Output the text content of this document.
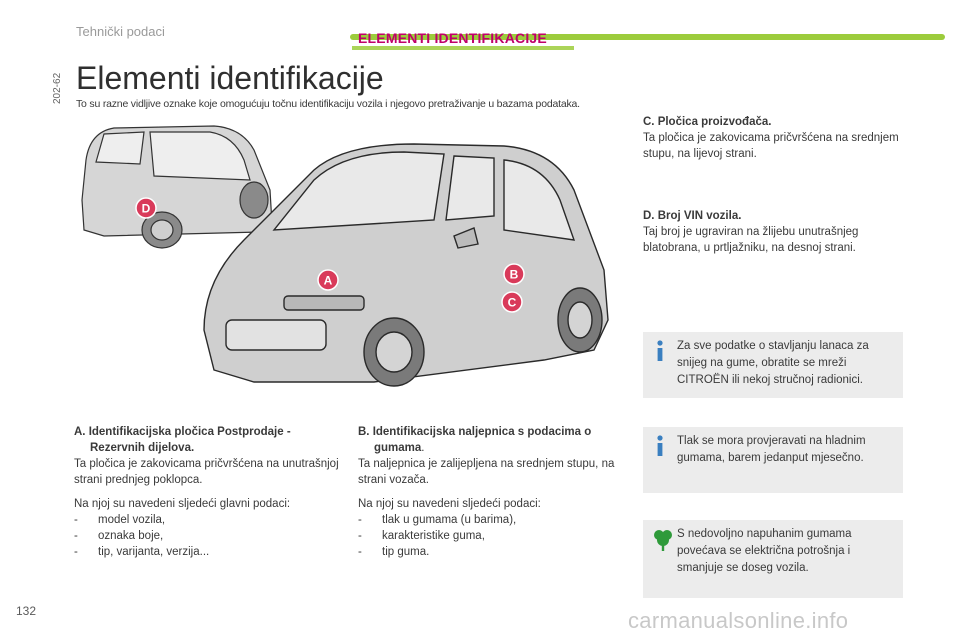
Tehnički podaci	ELEMENTI IDENTIFIKACIJE
202-62 Elementi identifikacije
To su razne vidljive oznake koje omogućuju točnu identifikaciju vozila i njegovo pretraživanje u bazama podataka.
A	B
C
D
A. Identifikacijska pločica Postprodaje -
Rezervnih dijelova.

Ta pločica je zakovicama pričvršćena na unutrašnjoj strani prednjeg poklopca.

Na njoj su navedeni sljedeći glavni podaci:
- model vozila,
- oznaka boje,
- tip, varijanta, verzija...
B. Identifikacijska naljepnica s podacima o
gumama.

Ta naljepnica je zalijepljena na srednjem stupu, na strani vozača.

Na njoj su navedeni sljedeći podaci:
- tlak u gumama (u barima),
- karakteristike guma,
- tip guma.
C. Pločica proizvođača.
Ta pločica je zakovicama pričvršćena na srednjem stupu, na lijevoj strani.
D. Broj VIN vozila.
Taj broj je ugraviran na žlijebu unutrašnjeg blatobrana, u prtljažniku, na desnoj strani.
Za sve podatke o stavljanju lanaca za snijeg na gume, obratite se mreži CITROËN ili nekoj stručnoj radionici.
Tlak se mora provjeravati na hladnim gumama, barem jedanput mjesečno.
S nedovoljno napuhanim gumama povećava se električna potrošnja i smanjuje se doseg vozila.
132	carmanualsonline.info
